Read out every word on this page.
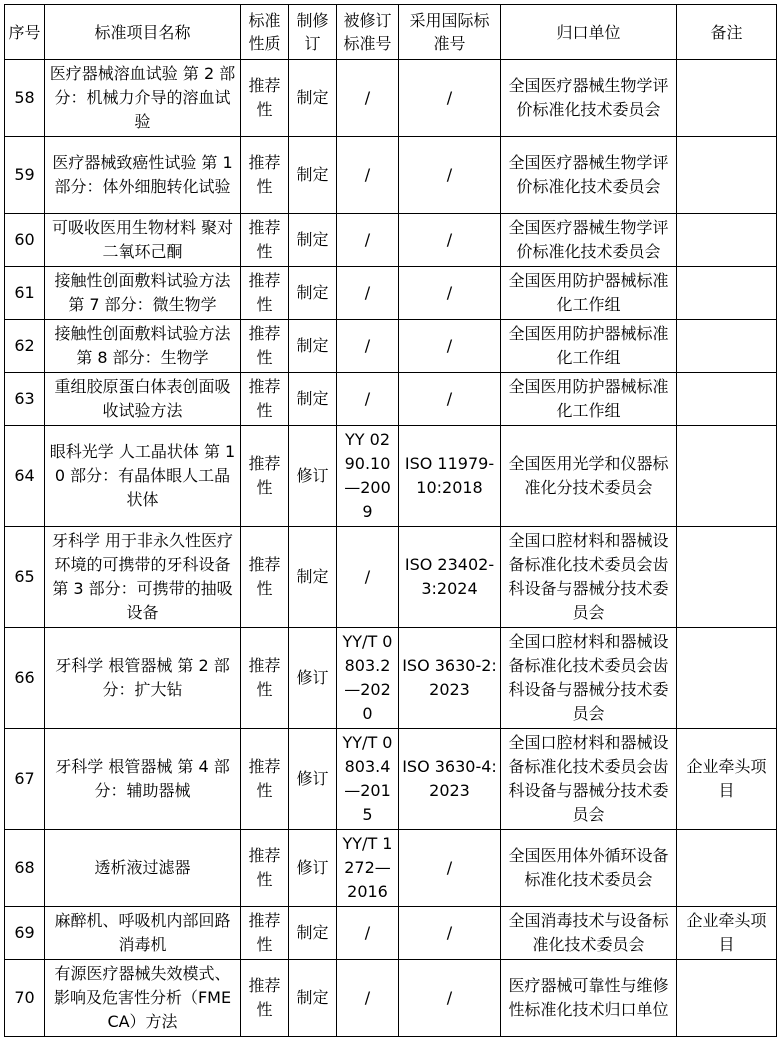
序号	标准项目名称	标准性质	制修订	被修订标准号	采用国际标准号	归口单位	备注
58	医疗器械溶血试验 第 2 部分：机械力介导的溶血试验	推荐性	制定	/	/	全国医疗器械生物学评价标准化技术委员会	
59	医疗器械致癌性试验 第 1 部分：体外细胞转化试验	推荐性	制定	/	/	全国医疗器械生物学评价标准化技术委员会	
60	可吸收医用生物材料 聚对二氧环己酮	推荐性	制定	/	/	全国医疗器械生物学评价标准化技术委员会	
61	接触性创面敷料试验方法 第 7 部分：微生物学	推荐性	制定	/	/	全国医用防护器械标准化工作组	
62	接触性创面敷料试验方法 第 8 部分：生物学	推荐性	制定	/	/	全国医用防护器械标准化工作组	
63	重组胶原蛋白体表创面吸收试验方法	推荐性	制定	/	/	全国医用防护器械标准化工作组	
64	眼科光学 人工晶状体 第 10 部分：有晶体眼人工晶状体	推荐性	修订	YY 0290.10—2009	ISO 11979-10:2018	全国医用光学和仪器标准化分技术委员会	
65	牙科学 用于非永久性医疗环境的可携带的牙科设备 第 3 部分：可携带的抽吸设备	推荐性	制定	/	ISO 23402-3:2024	全国口腔材料和器械设备标准化技术委员会齿科设备与器械分技术委员会	
66	牙科学 根管器械 第 2 部分：扩大钻	推荐性	修订	YY/T 0803.2—2020	ISO 3630-2:2023	全国口腔材料和器械设备标准化技术委员会齿科设备与器械分技术委员会	
67	牙科学 根管器械 第 4 部分：辅助器械	推荐性	修订	YY/T 0803.4—2015	ISO 3630-4:2023	全国口腔材料和器械设备标准化技术委员会齿科设备与器械分技术委员会	企业牵头项目
68	透析液过滤器	推荐性	修订	YY/T 1272—2016	/	全国医用体外循环设备标准化技术委员会	
69	麻醉机、呼吸机内部回路消毒机	推荐性	制定	/	/	全国消毒技术与设备标准化技术委员会	企业牵头项目
70	有源医疗器械失效模式、影响及危害性分析（FMECA）方法	推荐性	制定	/	/	医疗器械可靠性与维修性标准化技术归口单位	
